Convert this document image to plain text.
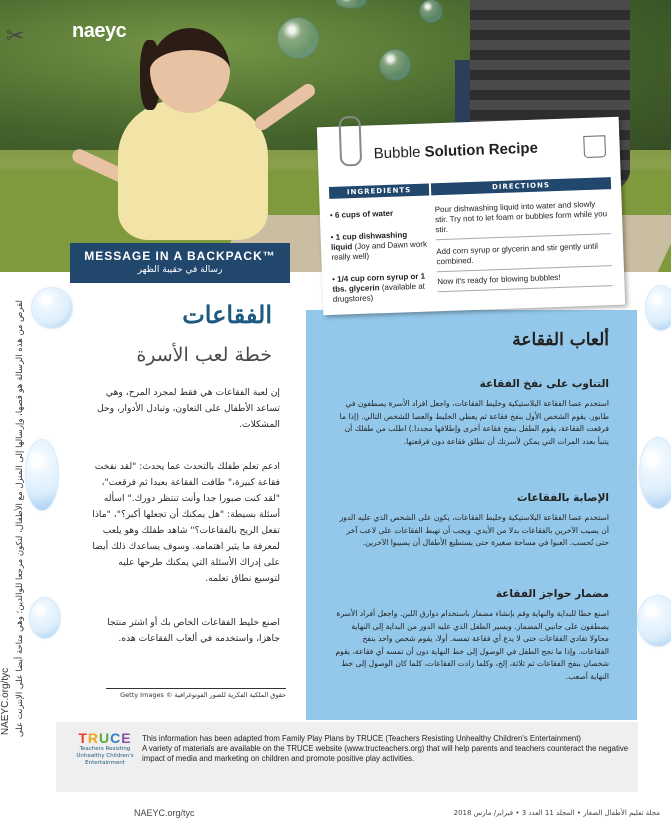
✂ naeyc
لقرص من هذه الرسالة هو قصها، وإرسالها إلى المنزل مع الأطفال، لتكون مرجعا للوالدين؛ وهي متاحة أيضا على الإنترنت على
NAEYC.org/tyc
MESSAGE IN A BACKPACK™
رسالة في حقيبة الظهر
الفقاعات
خطة لعب الأسرة
إن لعبة الفقاعات هي فقط لمجرد المرح، وهي تساعد الأطفال على التعاون، وتبادل الأدوار، وحل المشكلات.
ادعم تعلم طفلك بالتحدث عما يحدث: "لقد نفخت فقاعة كبيرة،" طافت الفقاعة بعيدا ثم فرقعت"، "لقد كنت صبورا جدا وأنت تنتظر دورك." اسأله أسئلة بسيطة: "هل يمكنك أن تجعلها أكبر؟"، "ماذا تفعل الريح بالفقاعات؟" شاهد طفلك وهو يلعب لمعرفة ما يثير اهتمامه. وسوف يساعدك ذلك أيضا على إدراك الأسئلة التي يمكنك طرحها عليه لتوسيع نطاق تعلمه.
اصنع خليط الفقاعات الخاص بك أو اشتر منتجا جاهزا، واستخدمه في ألعاب الفقاعات هذه.
حقوق الملكية الفكرية للصور الفوتوغرافية © Getty Images
ألعاب الفقاعة
التناوب على نفخ الفقاعة

استخدم عصا الفقاعة البلاستيكية وخليط الفقاعات، واجعل افراد الأسرة يصطفون في طابور. يقوم الشخص الأول بنفخ فقاعة ثم يعطي الخليط والعصا للشخص التالي. (إذا ما فرقعت الفقاعة، يقوم الطفل بنفخ فقاعة أخرى وإطلاقها مجددا.) اطلب من طفلك أن يتنبأ بعدد المرات التي يمكن لأسرتك أن تطلق فقاعة دون فرقعتها.

الإصابة بالفقاعات

استخدم عصا الفقاعة البلاستيكية وخليط الفقاعات، يكون على الشخص الذي عليه الدور أن يصيب الآخرين بالفقاعات بدلا من الأيدي. ويجب أن تهبط الفقاعات على لاعب آخر حتى تُحسب. العبوا في مساحة صغيرة حتى يستطيع الأطفال أن يصيبوا الآخرين.

مضمار حواجز الفقاعة

اصنع خطا للبداية والنهاية وقم بإنشاء مضمار باستخدام دوارق اللبن. واجعل أفراد الأسرة يصطفون على جانبي المضمار. ويسير الطفل الذي عليه الدور من البداية إلى النهاية محاولا تفادي الفقاعات حتى لا يدع أي فقاعة تمسه. أولا، يقوم شخص واحد بنفخ الفقاعات. وإذا ما نجح الطفل في الوصول إلى خط النهاية دون أن تمسه أي فقاعة، يقوم شخصان بنفخ الفقاعات ثم ثلاثة، إلخ، وكلما زادت الفقاعات، كلما كان الوصول إلى خط النهاية أصعب.

Bubble Solution Recipe
INGREDIENTS	DIRECTIONS
• 6 cups of water
• 1 cup dishwashing liquid (Joy and Dawn work really well)
• 1/4 cup corn syrup or 1 tbs. glycerin (available at drugstores)
Pour dishwashing liquid into water and slowly stir. Try not to let foam or bubbles form while you stir.
Add corn syrup or glycerin and stir gently until combined.
Now it's ready for blowing bubbles!
TRUCE
Teachers Resisting Unhealthy Children's Entertainment
This information has been adapted from Family Play Plans by TRUCE (Teachers Resisting Unhealthy Children's Entertainment)
A variety of materials are available on the TRUCE website (www.tructeachers.org) that will help parents and teachers counteract the negative impact of media and marketing on children and promote positive play activities.
NAEYC.org/tyc	مجلة تعليم الأطفال الصغار • المجلد 11 العدد 3 • فبراير/ مارس 2018
